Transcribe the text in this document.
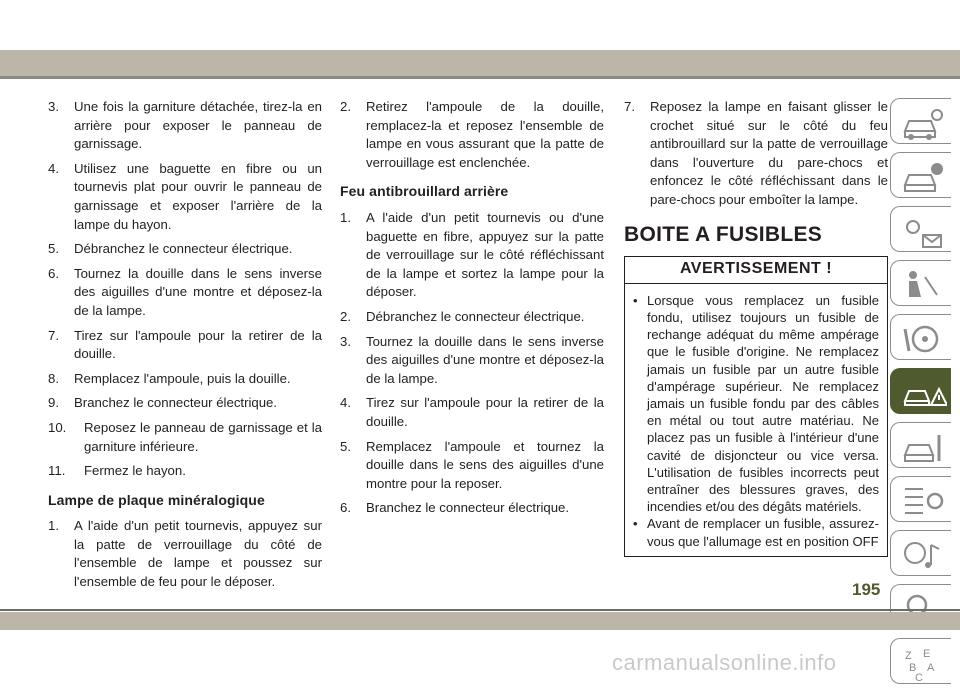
3. Une fois la garniture détachée, tirez-la en arrière pour exposer le panneau de garnissage.
4. Utilisez une baguette en fibre ou un tournevis plat pour ouvrir le panneau de garnissage et exposer l'arrière de la lampe du hayon.
5. Débranchez le connecteur électrique.
6. Tournez la douille dans le sens inverse des aiguilles d'une montre et déposez-la de la lampe.
7. Tirez sur l'ampoule pour la retirer de la douille.
8. Remplacez l'ampoule, puis la douille.
9. Branchez le connecteur électrique.
10. Reposez le panneau de garnissage et la garniture inférieure.
11. Fermez le hayon.
Lampe de plaque minéralogique
1. A l'aide d'un petit tournevis, appuyez sur la patte de verrouillage du côté de l'ensemble de lampe et poussez sur l'ensemble de feu pour le déposer.
2. Retirez l'ampoule de la douille, remplacez-la et reposez l'ensemble de lampe en vous assurant que la patte de verrouillage est enclenchée.
Feu antibrouillard arrière
1. A l'aide d'un petit tournevis ou d'une baguette en fibre, appuyez sur la patte de verrouillage sur le côté réfléchissant de la lampe et sortez la lampe pour la déposer.
2. Débranchez le connecteur électrique.
3. Tournez la douille dans le sens inverse des aiguilles d'une montre et déposez-la de la lampe.
4. Tirez sur l'ampoule pour la retirer de la douille.
5. Remplacez l'ampoule et tournez la douille dans le sens des aiguilles d'une montre pour la reposer.
6. Branchez le connecteur électrique.
7. Reposez la lampe en faisant glisser le crochet situé sur le côté du feu antibrouillard sur la patte de verrouillage dans l'ouverture du pare-chocs et enfoncez le côté réfléchissant dans le pare-chocs pour emboîter la lampe.
BOITE A FUSIBLES
AVERTISSEMENT !
• Lorsque vous remplacez un fusible fondu, utilisez toujours un fusible de rechange adéquat du même ampérage que le fusible d'origine. Ne remplacez jamais un fusible par un autre fusible d'ampérage supérieur. Ne remplacez jamais un fusible fondu par des câbles en métal ou tout autre matériau. Ne placez pas un fusible à l'intérieur d'une cavité de disjoncteur ou vice versa. L'utilisation de fusibles incorrects peut entraîner des blessures graves, des incendies et/ou des dégâts matériels.
• Avant de remplacer un fusible, assurez-vous que l'allumage est en position OFF
Z E
B A
C
195
carmanualsonline.info
